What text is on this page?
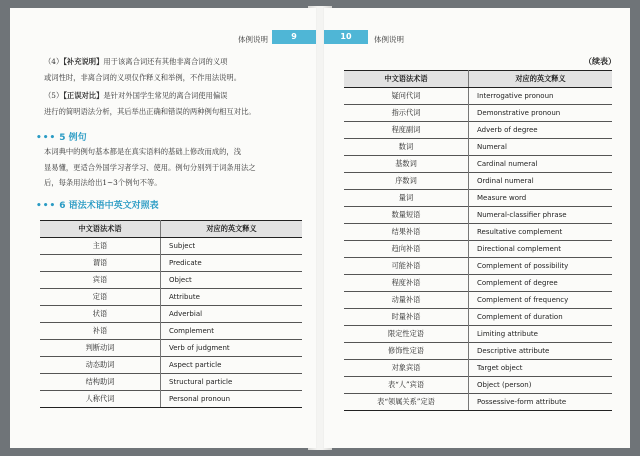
体例说明	9
（4）【补充说明】用于该离合词还有其他非离合词的义项
或词性时，非离合词的义项仅作释义和举例，不作用法说明。
（5）【正误对比】是针对外国学生常见的离合词使用偏误
进行的简明语法分析，其后举出正确和错误的两种例句相互对比。
••• 5 例句
本词典中的例句基本都是在真实语料的基础上修改而成的，浅
显易懂，更适合外国学习者学习、使用。例句分别列于词条用法之
后，每条用法给出1~3个例句不等。
••• 6 语法术语中英文对照表
中文语法术语	对应的英文释义
主语	Subject
谓语	Predicate
宾语	Object
定语	Attribute
状语	Adverbial
补语	Complement
判断动词	Verb of judgment
动态助词	Aspect particle
结构助词	Structural particle
人称代词	Personal pronoun
10	体例说明
（续表）
中文语法术语	对应的英文释义
疑问代词	Interrogative pronoun
指示代词	Demonstrative pronoun
程度副词	Adverb of degree
数词	Numeral
基数词	Cardinal numeral
序数词	Ordinal numeral
量词	Measure word
数量短语	Numeral-classifier phrase
结果补语	Resultative complement
趋向补语	Directional complement
可能补语	Complement of possibility
程度补语	Complement of degree
动量补语	Complement of frequency
时量补语	Complement of duration
限定性定语	Limiting attribute
修饰性定语	Descriptive attribute
对象宾语	Target object
表“人”宾语	Object (person)
表“领属关系”定语	Possessive-form attribute
